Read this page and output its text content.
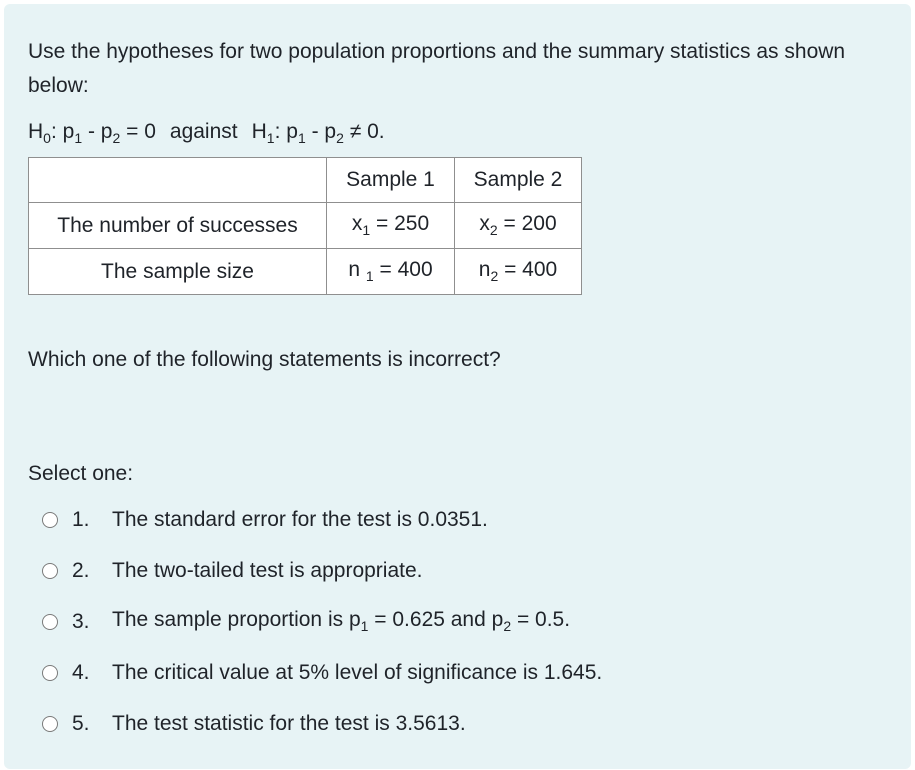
Use the hypotheses for two population proportions and the summary statistics as shown below:
$H_0$: $p_1 - p_2 = 0$ against $H_1$: $p_1 - p_2 \ne 0$.
	Sample 1	Sample 2
The number of successes	$x_1 = 250$	$x_2 = 200$
The sample size	n $_1$ = 400	$n_2 = 400$
Which one of the following statements is incorrect?
Select one:
1.	The standard error for the test is 0.0351.
2.	The two-tailed test is appropriate.
3.	The sample proportion is $p_1 = 0.625$ and $p_2 = 0.5$.
4.	The critical value at 5% level of significance is 1.645.
5.	The test statistic for the test is 3.5613.
